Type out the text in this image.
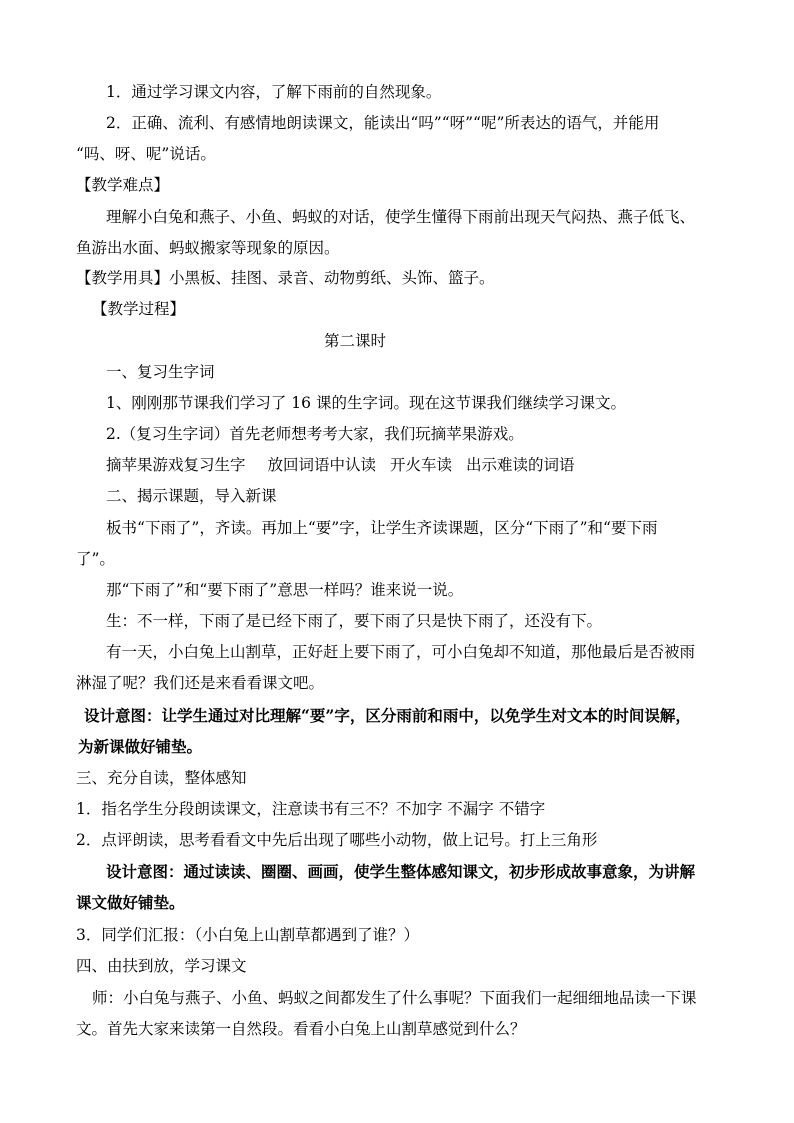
1．通过学习课文内容，了解下雨前的自然现象。
2．正确、流利、有感情地朗读课文，能读出“吗”“呀”“呢”所表达的语气，并能用
“吗、呀、呢”说话。
【教学难点】
理解小白兔和燕子、小鱼、蚂蚁的对话，使学生懂得下雨前出现天气闷热、燕子低飞、
鱼游出水面、蚂蚁搬家等现象的原因。
【教学用具】小黑板、挂图、录音、动物剪纸、头饰、篮子。
【教学过程】
第二课时
一、复习生字词
1、刚刚那节课我们学习了 16 课的生字词。现在这节课我们继续学习课文。
2.（复习生字词）首先老师想考考大家，我们玩摘苹果游戏。
摘苹果游戏复习生字 放回词语中认读 开火车读 出示难读的词语
二、揭示课题，导入新课
板书“下雨了”，齐读。再加上“要”字，让学生齐读课题，区分“下雨了”和“要下雨
了”。
那“下雨了”和“要下雨了”意思一样吗？谁来说一说。
生：不一样，下雨了是已经下雨了，要下雨了只是快下雨了，还没有下。
有一天，小白兔上山割草，正好赶上要下雨了，可小白兔却不知道，那他最后是否被雨
淋湿了呢？我们还是来看看课文吧。
设计意图：让学生通过对比理解“要”字，区分雨前和雨中，以免学生对文本的时间误解，
为新课做好铺垫。
三、充分自读，整体感知
1．指名学生分段朗读课文，注意读书有三不？不加字 不漏字 不错字
2．点评朗读，思考看看文中先后出现了哪些小动物，做上记号。打上三角形
设计意图：通过读读、圈圈、画画，使学生整体感知课文，初步形成故事意象，为讲解
课文做好铺垫。
3．同学们汇报：（小白兔上山割草都遇到了谁？）
四、由扶到放，学习课文
师：小白兔与燕子、小鱼、蚂蚁之间都发生了什么事呢？下面我们一起细细地品读一下课
文。首先大家来读第一自然段。看看小白兔上山割草感觉到什么？
